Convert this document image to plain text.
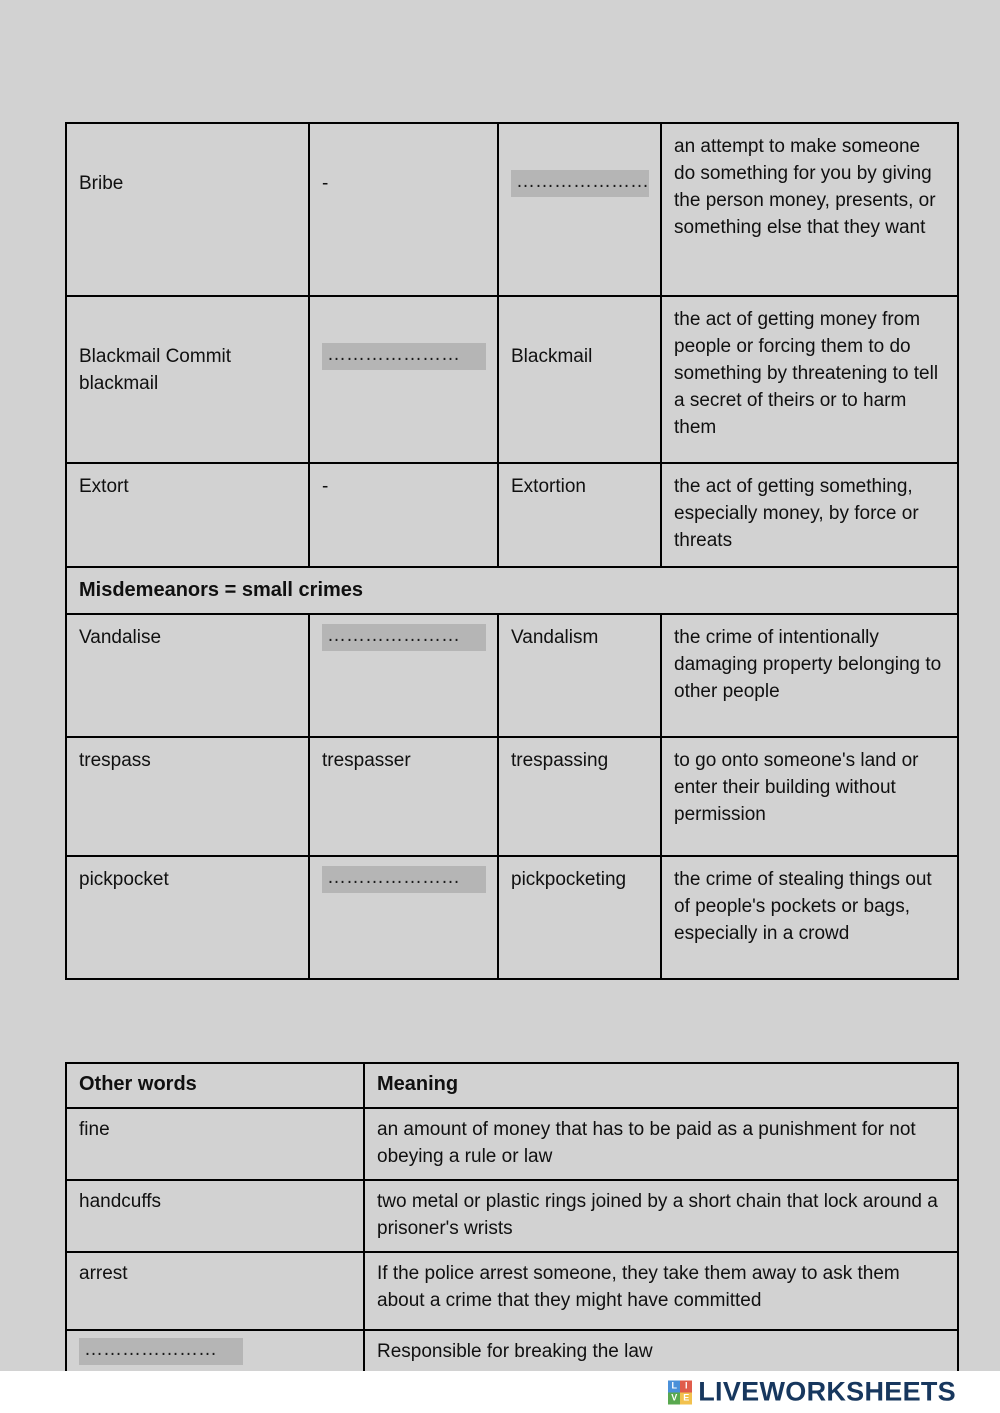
Bribe	-	…………………	an attempt to make someone do something for you by giving the person money, presents, or something else that they want
Blackmail Commit blackmail	…………………	Blackmail	the act of getting money from people or forcing them to do something by threatening to tell a secret of theirs or to harm them
Extort	-	Extortion	the act of getting something, especially money, by force or threats
Misdemeanors = small crimes			
Vandalise	…………………	Vandalism	the crime of intentionally damaging property belonging to other people
trespass	trespasser	trespassing	to go onto someone's land or enter their building without permission
pickpocket	…………………	pickpocketing	the crime of stealing things out of people's pockets or bags, especially in a crowd
Other words	Meaning
fine	an amount of money that has to be paid as a punishment for not obeying a rule or law
handcuffs	two metal or plastic rings joined by a short chain that lock around a prisoner's wrists
arrest	If the police arrest someone, they take them away to ask them about a crime that they might have committed
…………………	Responsible for breaking the law
L I
V E LIVEWORKSHEETS
